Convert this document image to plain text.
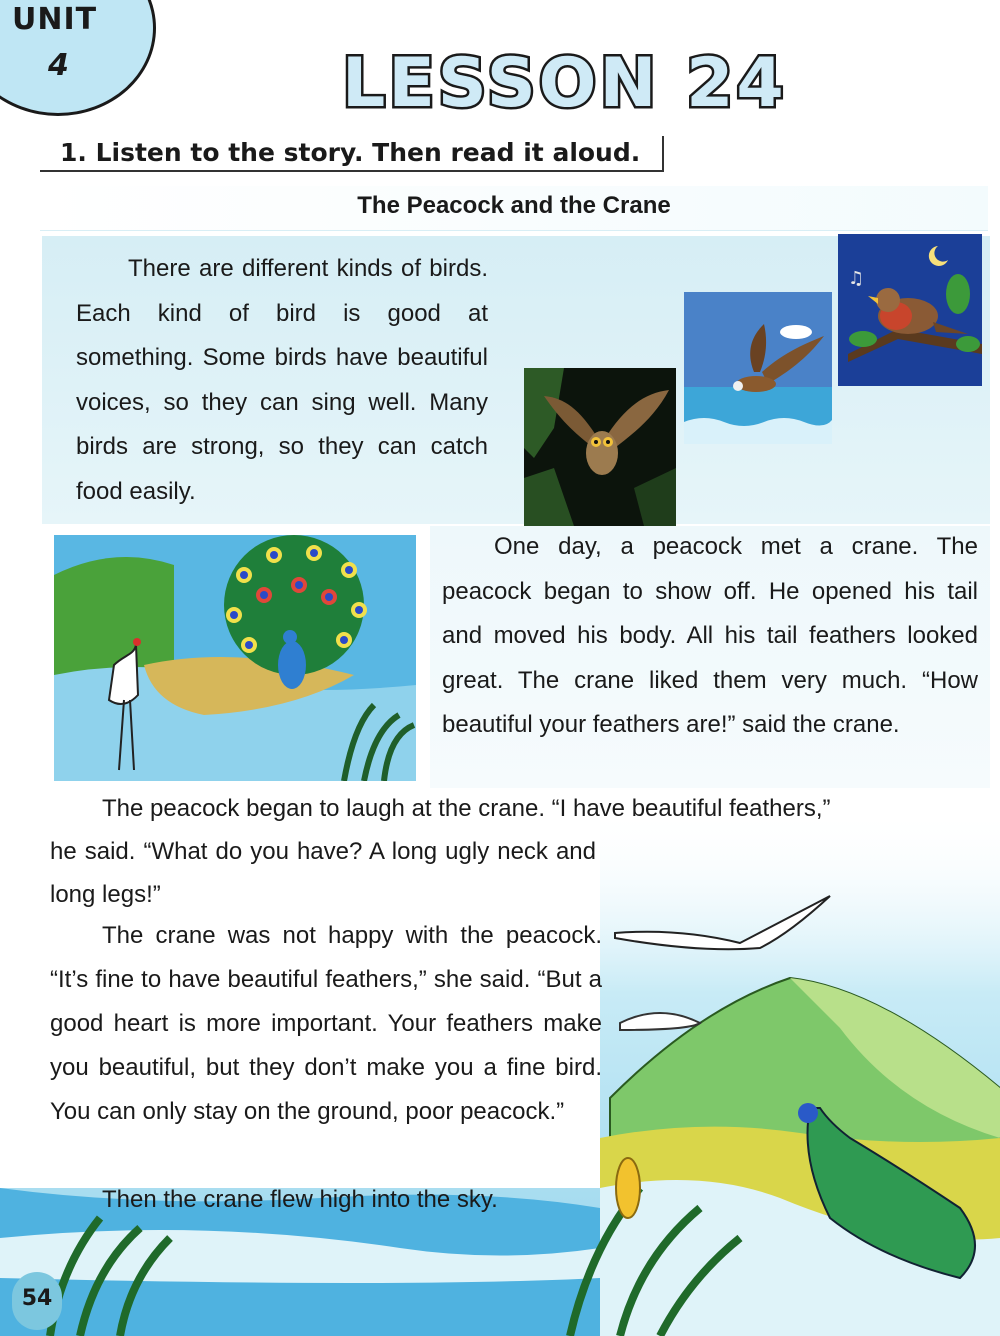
UNIT
4	LESSON 24

1. Listen to the story. Then read it aloud.

The Peacock and the Crane

There are different kinds of birds. Each kind of bird is good at something. Some birds have beautiful voices, so they can sing well. Many birds are strong, so they can catch food easily.

♫

One day, a peacock met a crane. The peacock began to show off. He opened his tail and moved his body. All his tail feathers looked great. The crane liked them very much. “How beautiful your feathers are!” said the crane.

The peacock began to laugh at the crane. “I have beautiful feathers,”

he said. “What do you have? A long ugly neck and long legs!”

The crane was not happy with the peacock. “It’s fine to have beautiful feathers,” she said. “But a good heart is more important. Your feathers make you beautiful, but they don’t make you a fine bird. You can only stay on the ground, poor peacock.”

Then the crane flew high into the sky.

54
